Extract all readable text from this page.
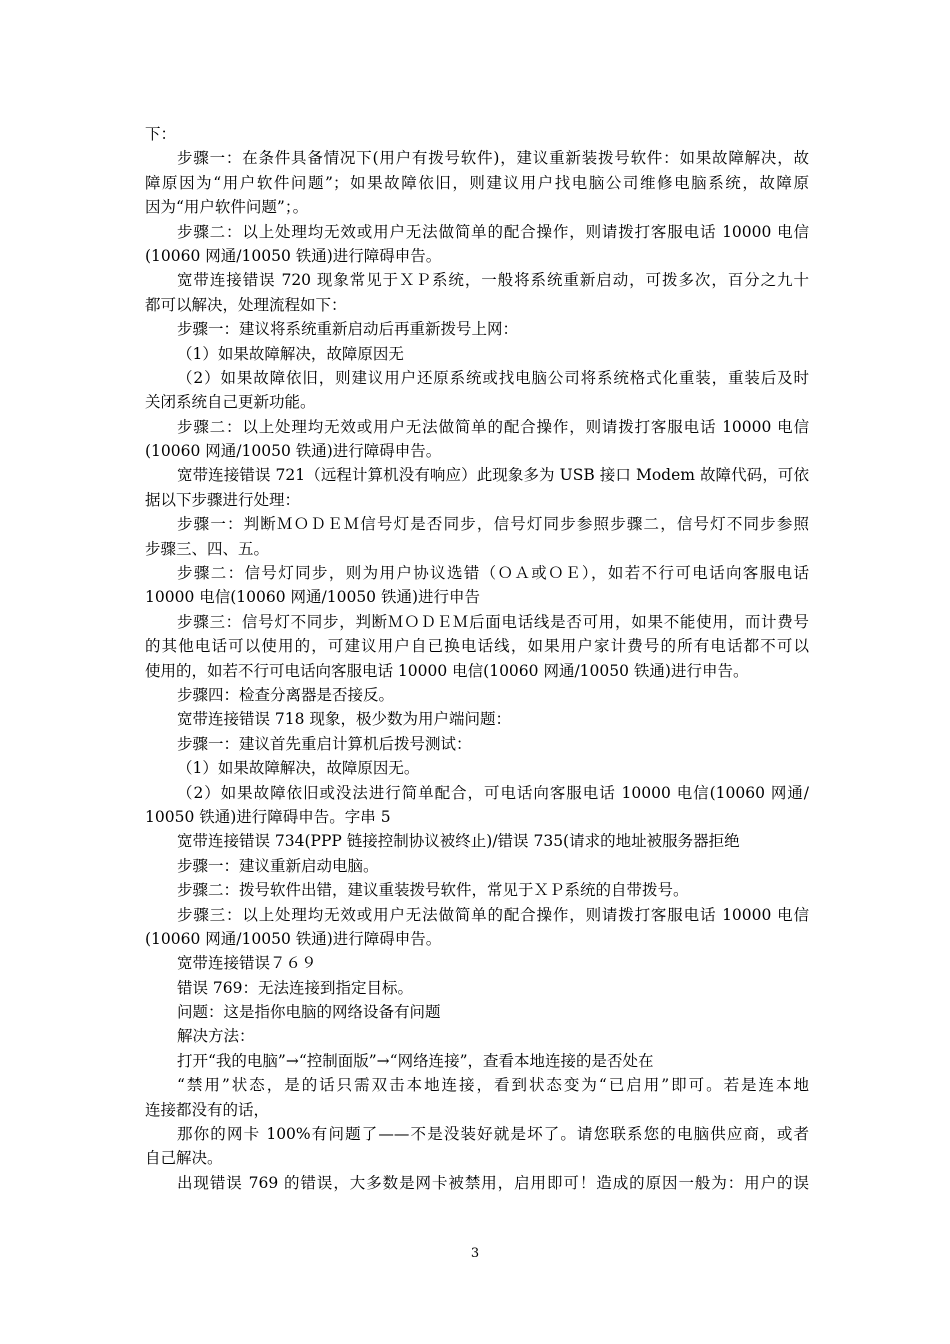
下：
步骤一：在条件具备情况下(用户有拨号软件)，建议重新装拨号软件：如果故障解决，故
障原因为“用户软件问题”；如果故障依旧，则建议用户找电脑公司维修电脑系统，故障原
因为“用户软件问题”；。
步骤二：以上处理均无效或用户无法做简单的配合操作，则请拨打客服电话 10000 电信
(10060 网通/10050 铁通)进行障碍申告。
宽带连接错误 720 现象常见于ＸＰ系统，一般将系统重新启动，可拨多次，百分之九十
都可以解决，处理流程如下：
步骤一：建议将系统重新启动后再重新拨号上网：
（1）如果故障解决，故障原因无
（2）如果故障依旧，则建议用户还原系统或找电脑公司将系统格式化重装，重装后及时
关闭系统自己更新功能。
步骤二：以上处理均无效或用户无法做简单的配合操作，则请拨打客服电话 10000 电信
(10060 网通/10050 铁通)进行障碍申告。
宽带连接错误 721（远程计算机没有响应）此现象多为 USB 接口 Modem 故障代码，可依
据以下步骤进行处理：
步骤一：判断ＭＯＤＥＭ信号灯是否同步，信号灯同步参照步骤二，信号灯不同步参照
步骤三、四、五。
步骤二：信号灯同步，则为用户协议选错（ＯＡ或ＯＥ），如若不行可电话向客服电话
10000 电信(10060 网通/10050 铁通)进行申告
步骤三：信号灯不同步，判断ＭＯＤＥＭ后面电话线是否可用，如果不能使用，而计费号
的其他电话可以使用的，可建议用户自已换电话线，如果用户家计费号的所有电话都不可以
使用的，如若不行可电话向客服电话 10000 电信(10060 网通/10050 铁通)进行申告。
步骤四：检查分离器是否接反。
宽带连接错误 718 现象，极少数为用户端问题：
步骤一：建议首先重启计算机后拨号测试：
（1）如果故障解决，故障原因无。
（2）如果故障依旧或没法进行简单配合，可电话向客服电话 10000 电信(10060 网通/
10050 铁通)进行障碍申告。字串 5
宽带连接错误 734(PPP 链接控制协议被终止)/错误 735(请求的地址被服务器拒绝
步骤一：建议重新启动电脑。
步骤二：拨号软件出错，建议重装拨号软件，常见于ＸＰ系统的自带拨号。
步骤三：以上处理均无效或用户无法做简单的配合操作，则请拨打客服电话 10000 电信
(10060 网通/10050 铁通)进行障碍申告。
宽带连接错误７６９
错误 769：无法连接到指定目标。
问题：这是指你电脑的网络设备有问题
解决方法：
打开“我的电脑”→“控制面版”→“网络连接”，查看本地连接的是否处在
“禁用”状态，是的话只需双击本地连接，看到状态变为“已启用”即可。若是连本地
连接都没有的话，
那你的网卡 100%有问题了——不是没装好就是坏了。请您联系您的电脑供应商，或者
自己解决。
出现错误 769 的错误，大多数是网卡被禁用，启用即可！造成的原因一般为：用户的误
3
